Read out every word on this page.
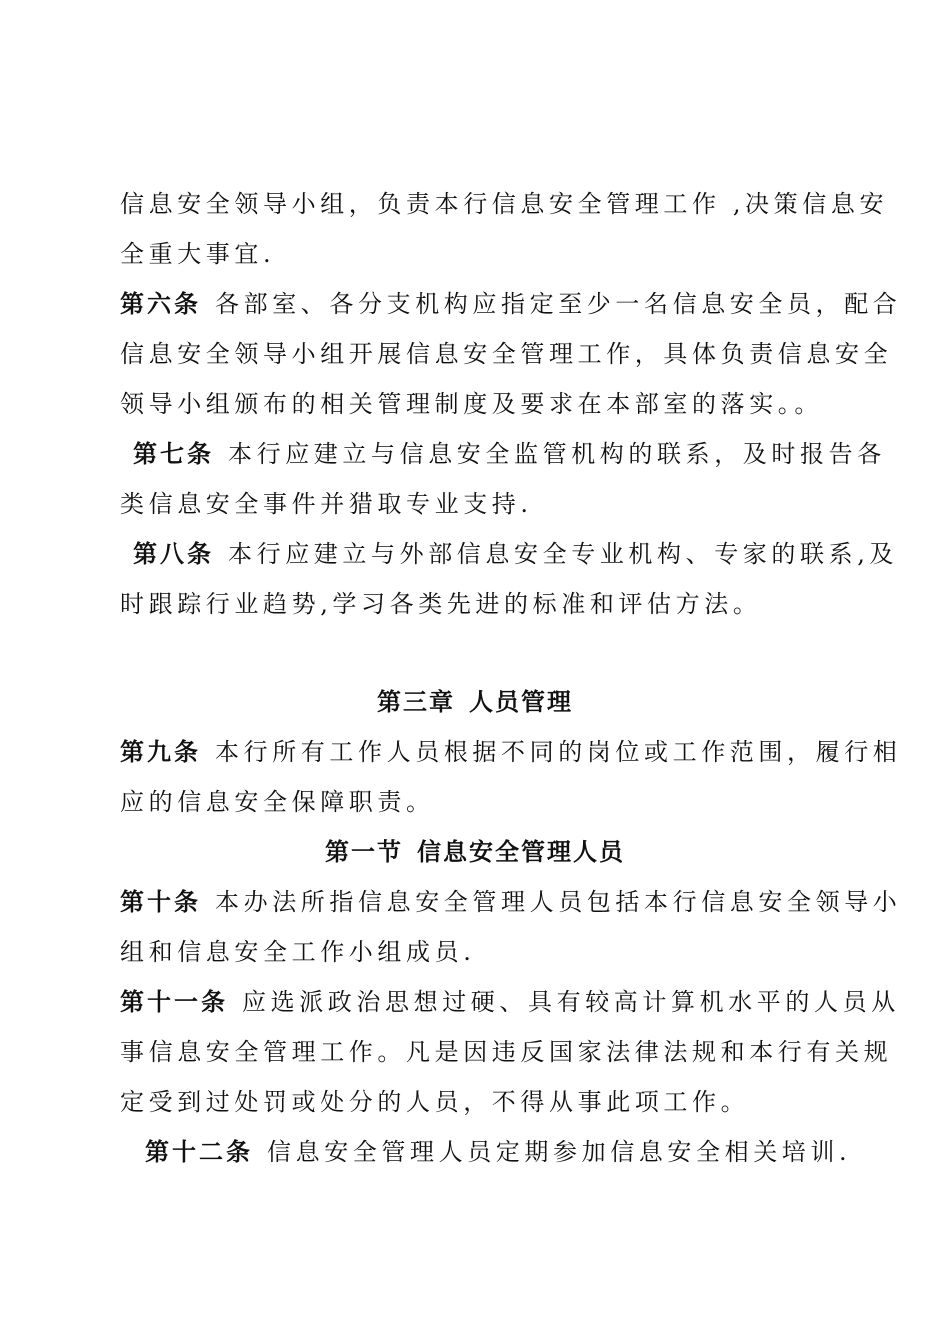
信息安全领导小组，负责本行信息安全管理工作 ,决策信息安
全重大事宜.
第六条 各部室、各分支机构应指定至少一名信息安全员，配合
信息安全领导小组开展信息安全管理工作，具体负责信息安全
领导小组颁布的相关管理制度及要求在本部室的落实。。
第七条 本行应建立与信息安全监管机构的联系，及时报告各
类信息安全事件并猎取专业支持.
第八条 本行应建立与外部信息安全专业机构、专家的联系,及
时跟踪行业趋势,学习各类先进的标准和评估方法。
第三章 人员管理
第九条 本行所有工作人员根据不同的岗位或工作范围，履行相
应的信息安全保障职责。
第一节 信息安全管理人员
第十条 本办法所指信息安全管理人员包括本行信息安全领导小
组和信息安全工作小组成员.
第十一条 应选派政治思想过硬、具有较高计算机水平的人员从
事信息安全管理工作。凡是因违反国家法律法规和本行有关规
定受到过处罚或处分的人员，不得从事此项工作。
第十二条 信息安全管理人员定期参加信息安全相关培训.
